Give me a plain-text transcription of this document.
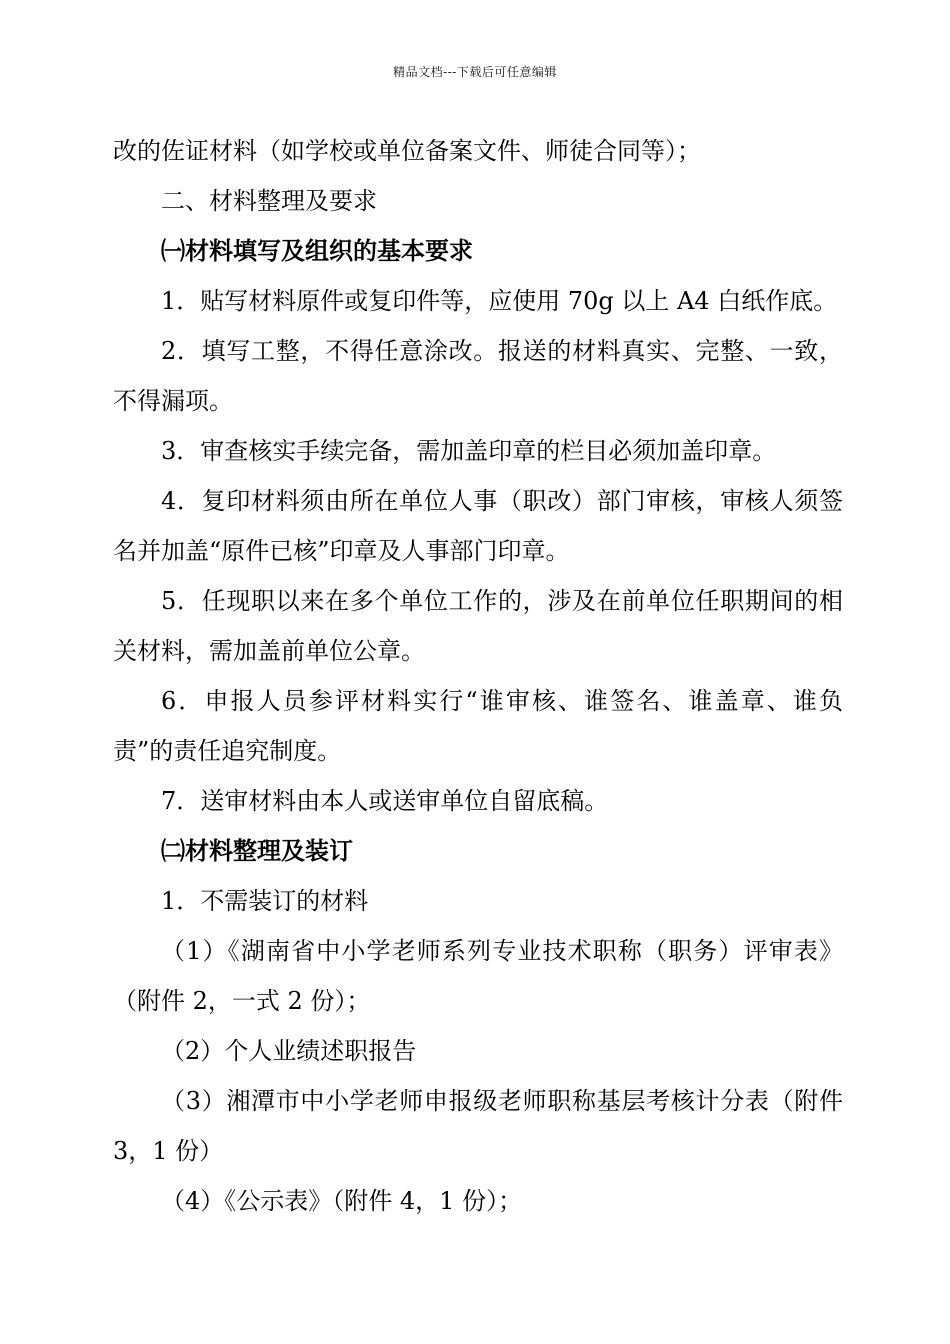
精品文档---下载后可任意编辑

改的佐证材料（如学校或单位备案文件、师徒合同等）；

二、材料整理及要求

㈠材料填写及组织的基本要求

1．贴写材料原件或复印件等，应使用 70g 以上 A4 白纸作底。

2．填写工整，不得任意涂改。报送的材料真实、完整、一致，不得漏项。

3．审查核实手续完备，需加盖印章的栏目必须加盖印章。

4．复印材料须由所在单位人事（职改）部门审核，审核人须签名并加盖“原件已核”印章及人事部门印章。

5．任现职以来在多个单位工作的，涉及在前单位任职期间的相关材料，需加盖前单位公章。

6．申报人员参评材料实行“谁审核、谁签名、谁盖章、谁负责”的责任追究制度。

7．送审材料由本人或送审单位自留底稿。

㈡材料整理及装订

1．不需装订的材料

（1）《湖南省中小学老师系列专业技术职称（职务）评审表》（附件 2，一式 2 份）；

（2）个人业绩述职报告

（3）湘潭市中小学老师申报级老师职称基层考核计分表（附件 3，1 份）

（4）《公示表》（附件 4，1 份）；
